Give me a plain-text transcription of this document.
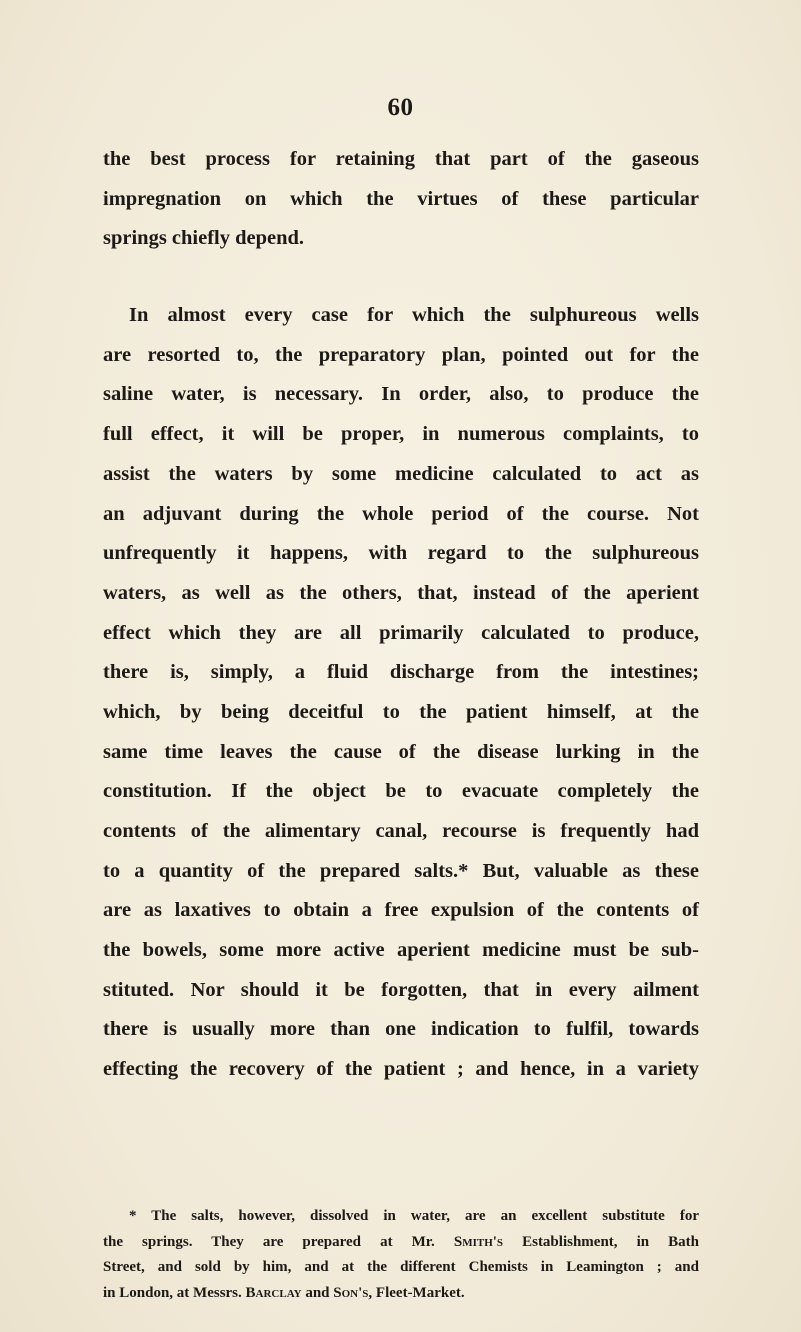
60
the best process for retaining that part of the gaseous
impregnation on which the virtues of these particular
springs chiefly depend.
In almost every case for which the sulphureous wells
are resorted to, the preparatory plan, pointed out for the
saline water, is necessary. In order, also, to produce the
full effect, it will be proper, in numerous complaints, to
assist the waters by some medicine calculated to act as
an adjuvant during the whole period of the course. Not
unfrequently it happens, with regard to the sulphureous
waters, as well as the others, that, instead of the aperient
effect which they are all primarily calculated to produce,
there is, simply, a fluid discharge from the intestines;
which, by being deceitful to the patient himself, at the
same time leaves the cause of the disease lurking in the
constitution. If the object be to evacuate completely the
contents of the alimentary canal, recourse is frequently had
to a quantity of the prepared salts.* But, valuable as these
are as laxatives to obtain a free expulsion of the contents of
the bowels, some more active aperient medicine must be sub-
stituted. Nor should it be forgotten, that in every ailment
there is usually more than one indication to fulfil, towards
effecting the recovery of the patient ; and hence, in a variety
* The salts, however, dissolved in water, are an excellent substitute for
the springs. They are prepared at Mr. Smith's Establishment, in Bath
Street, and sold by him, and at the different Chemists in Leamington ; and
in London, at Messrs. Barclay and Son's, Fleet-Market.
